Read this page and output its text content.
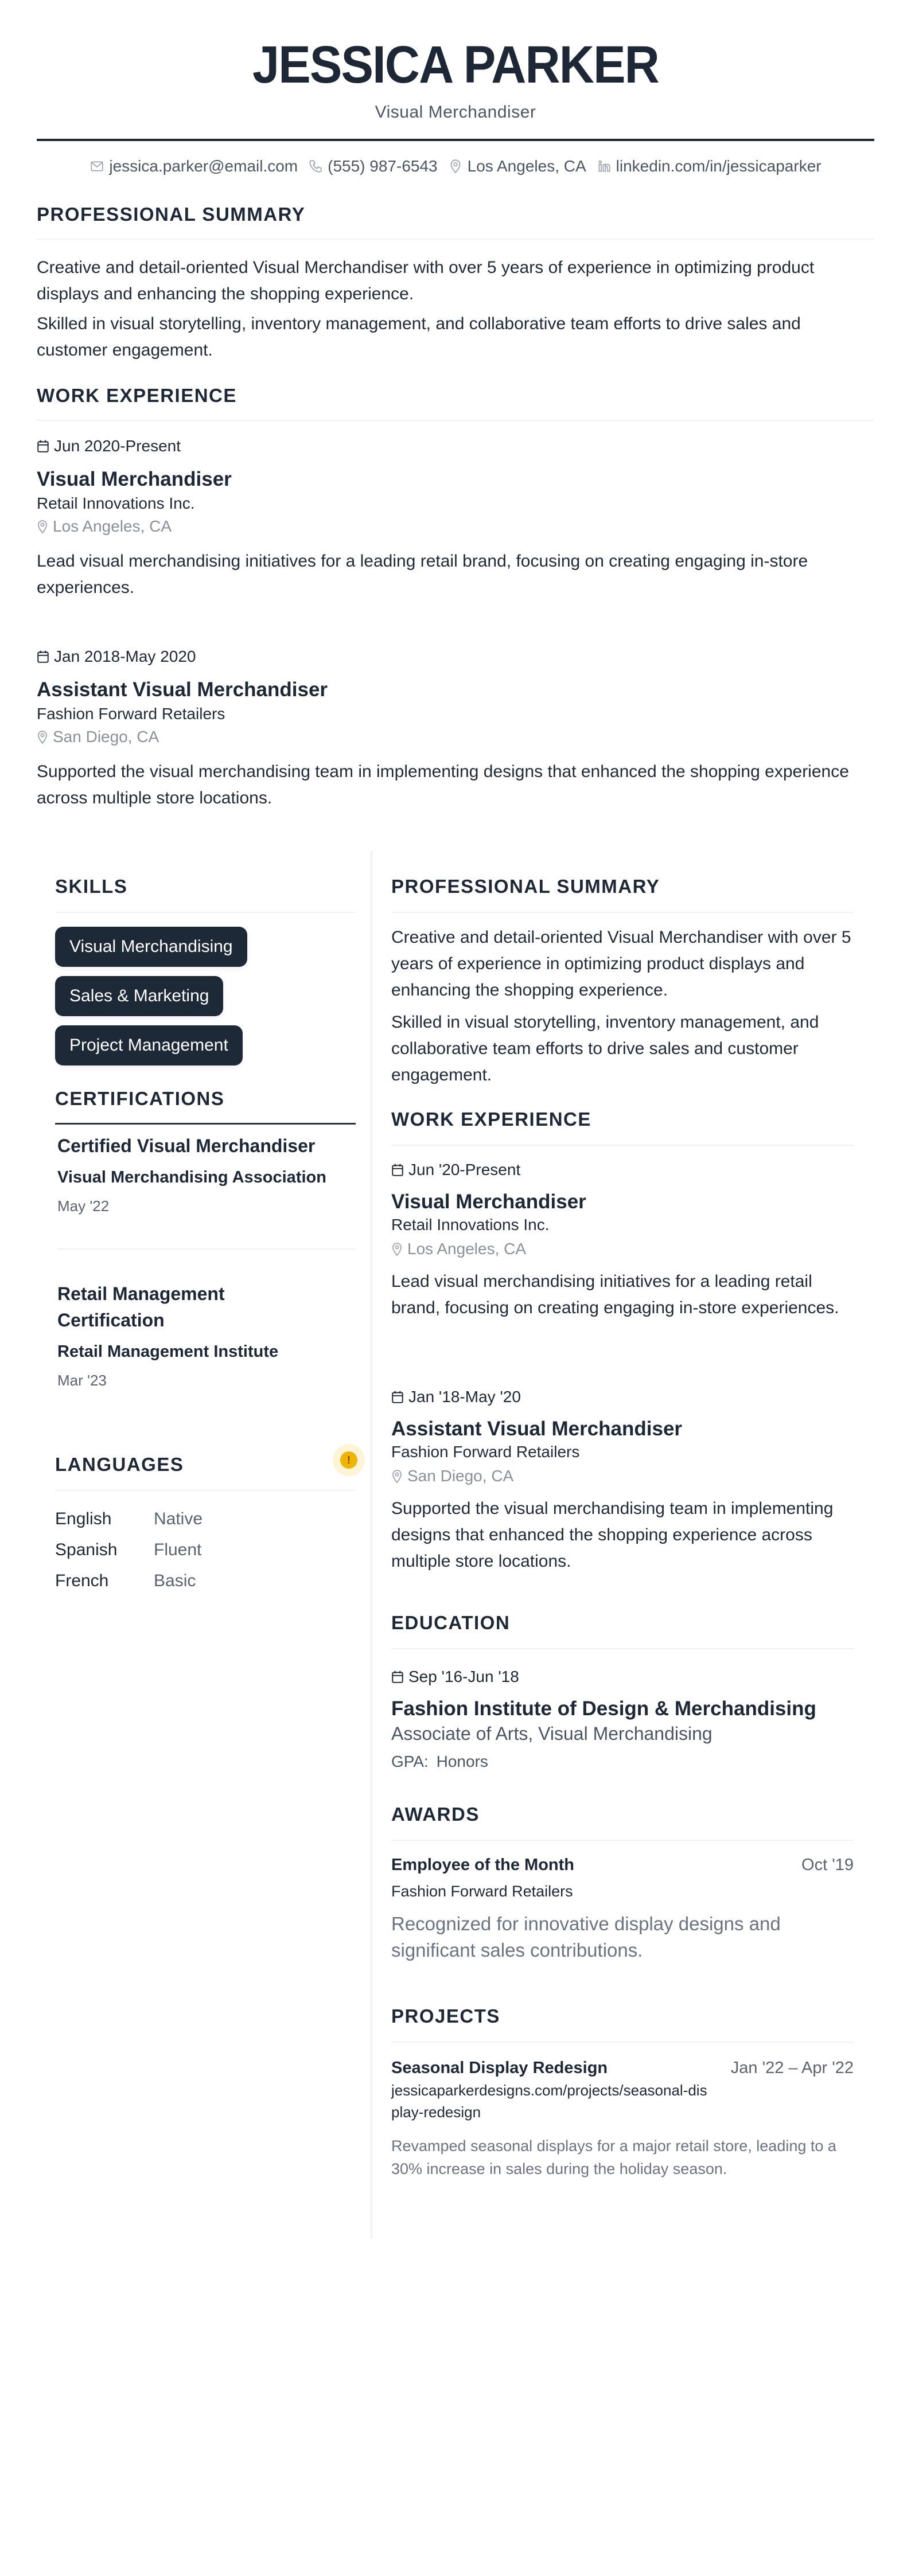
JESSICA PARKER
Visual Merchandiser
jessica.parker@email.com (555) 987-6543 Los Angeles, CA linkedin.com/in/jessicaparker
PROFESSIONAL SUMMARY

Creative and detail-oriented Visual Merchandiser with over 5 years of experience in optimizing product displays and enhancing the shopping experience.

Skilled in visual storytelling, inventory management, and collaborative team efforts to drive sales and customer engagement.

WORK EXPERIENCE
Jun 2020-Present
Visual Merchandiser
Retail Innovations Inc.
Los Angeles, CA

Lead visual merchandising initiatives for a leading retail brand, focusing on creating engaging in-store experiences.

Jan 2018-May 2020
Assistant Visual Merchandiser
Fashion Forward Retailers
San Diego, CA

Supported the visual merchandising team in implementing designs that enhanced the shopping experience across multiple store locations.

SKILLS
Visual Merchandising
Sales & Marketing
Project Management
CERTIFICATIONS
Certified Visual Merchandiser
Visual Merchandising Association
May '22
Retail Management Certification
Retail Management Institute
Mar '23
LANGUAGES	!
English	Native
Spanish	Fluent
French	Basic
PROFESSIONAL SUMMARY

Creative and detail-oriented Visual Merchandiser with over 5 years of experience in optimizing product displays and enhancing the shopping experience.

Skilled in visual storytelling, inventory management, and collaborative team efforts to drive sales and customer engagement.

WORK EXPERIENCE
Jun '20-Present
Visual Merchandiser
Retail Innovations Inc.
Los Angeles, CA

Lead visual merchandising initiatives for a leading retail brand, focusing on creating engaging in-store experiences.

Jan '18-May '20
Assistant Visual Merchandiser
Fashion Forward Retailers
San Diego, CA

Supported the visual merchandising team in implementing designs that enhanced the shopping experience across multiple store locations.

EDUCATION
Sep '16-Jun '18
Fashion Institute of Design & Merchandising
Associate of Arts, Visual Merchandising
GPA: Honors
AWARDS
Employee of the Month	Oct '19
Fashion Forward Retailers

Recognized for innovative display designs and significant sales contributions.

PROJECTS
Seasonal Display Redesign	Jan '22 – Apr '22
jessicaparkerdesigns.com/projects/seasonal-display-redesign

Revamped seasonal displays for a major retail store, leading to a 30% increase in sales during the holiday season.
